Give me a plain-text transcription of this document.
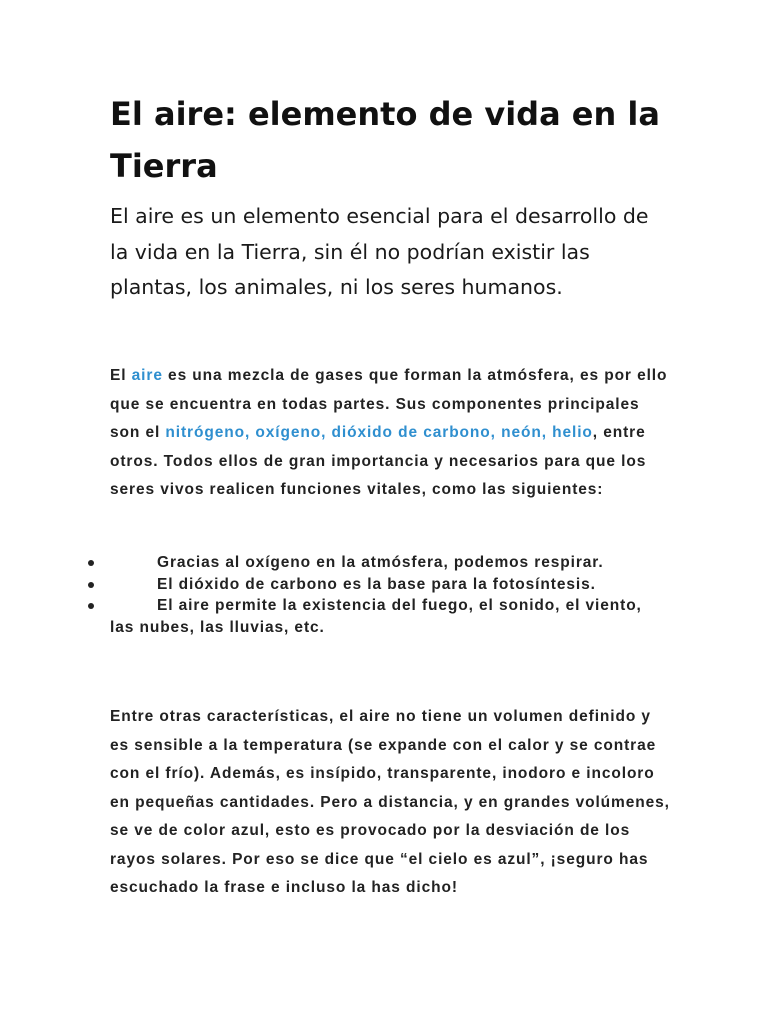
El aire: elemento de vida en la Tierra

El aire es un elemento esencial para el desarrollo de la vida en la Tierra, sin él no podrían existir las plantas, los animales, ni los seres humanos.

El aire es una mezcla de gases que forman la atmósfera, es por ello que se encuentra en todas partes. Sus componentes principales son el nitrógeno, oxígeno, dióxido de carbono, neón, helio, entre otros. Todos ellos de gran importancia y necesarios para que los seres vivos realicen funciones vitales, como las siguientes:

Gracias al oxígeno en la atmósfera, podemos respirar.
El dióxido de carbono es la base para la fotosíntesis.
El aire permite la existencia del fuego, el sonido, el viento, las nubes, las lluvias, etc.

Entre otras características, el aire no tiene un volumen definido y es sensible a la temperatura (se expande con el calor y se contrae con el frío). Además, es insípido, transparente, inodoro e incoloro en pequeñas cantidades. Pero a distancia, y en grandes volúmenes, se ve de color azul, esto es provocado por la desviación de los rayos solares. Por eso se dice que “el cielo es azul”, ¡seguro has escuchado la frase e incluso la has dicho!
